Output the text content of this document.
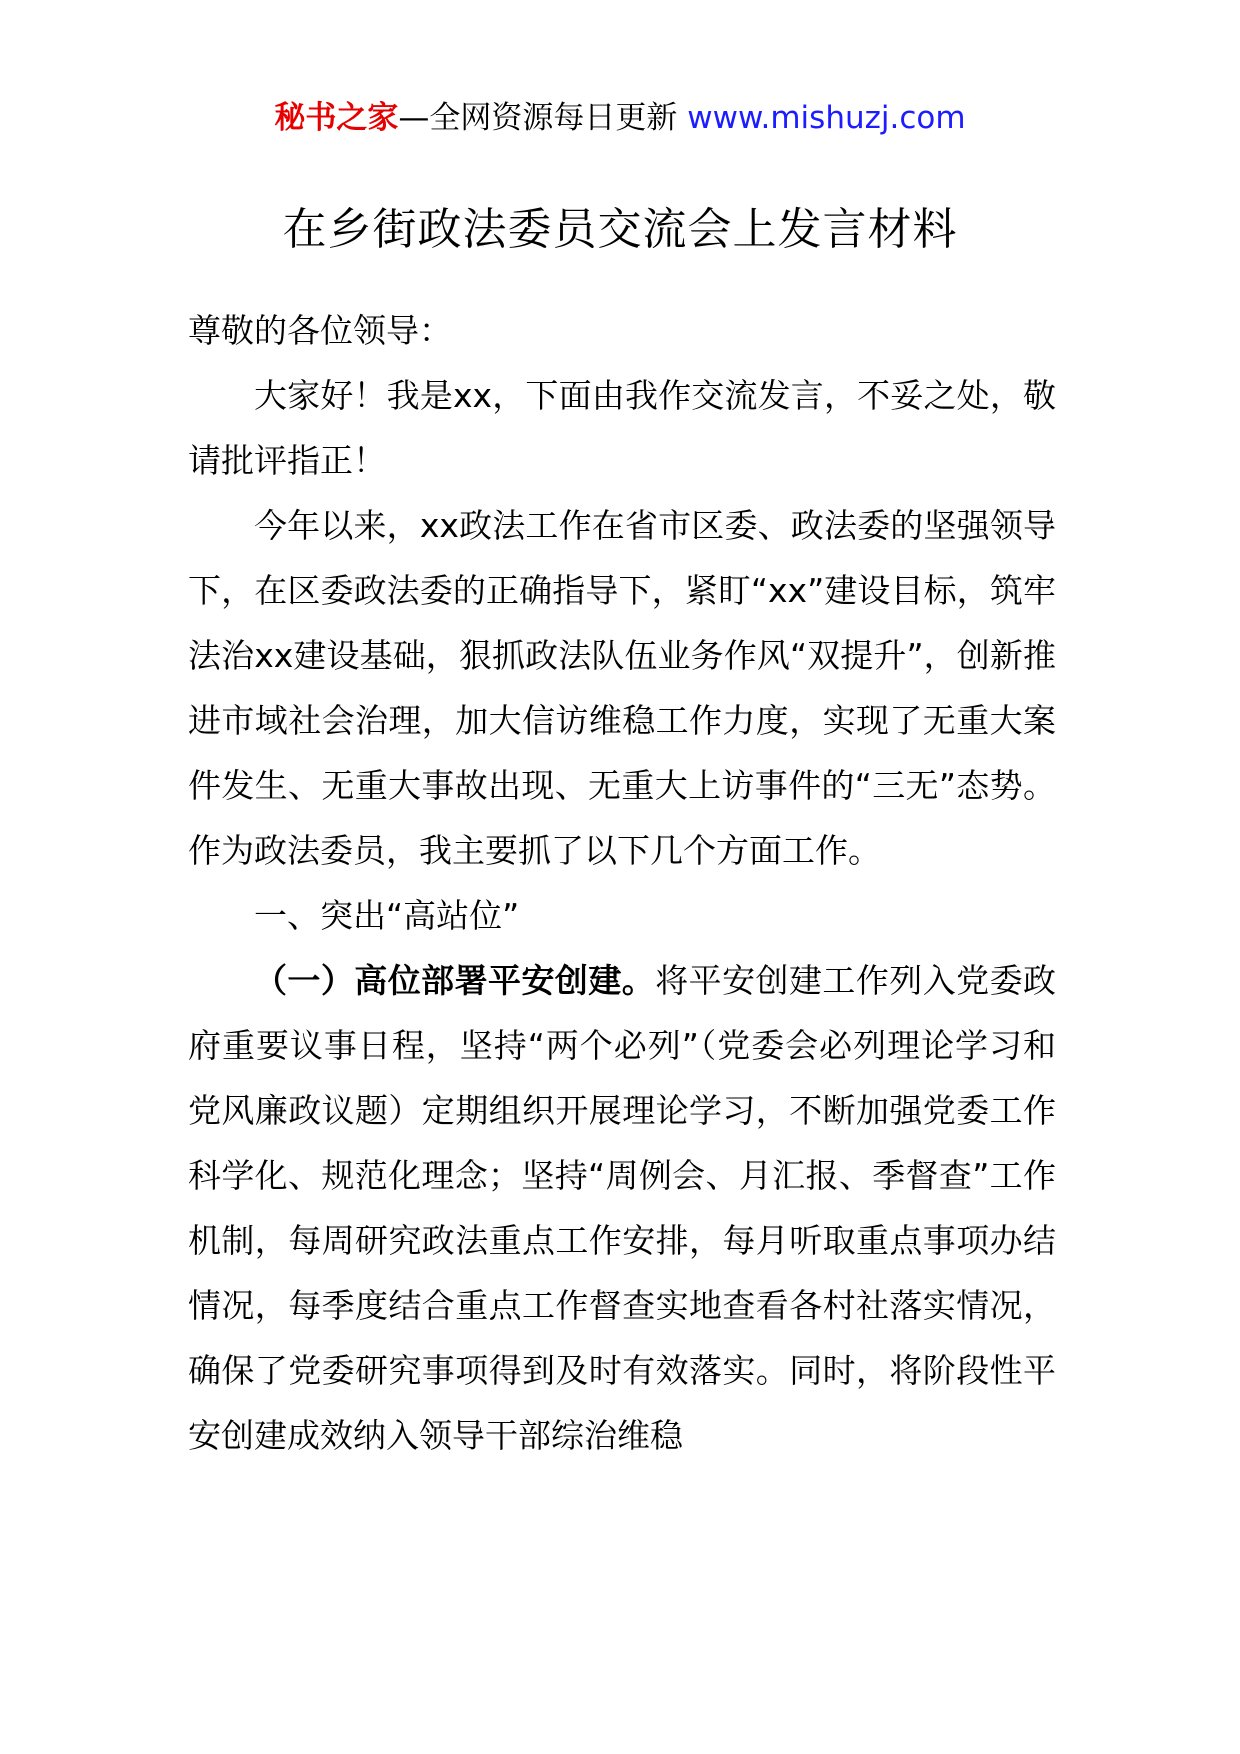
秘书之家—全网资源每日更新 www.mishuzj.com
在乡街政法委员交流会上发言材料

尊敬的各位领导：

大家好！我是xx，下面由我作交流发言，不妥之处，敬请批评指正！

今年以来，xx政法工作在省市区委、政法委的坚强领导下，在区委政法委的正确指导下，紧盯“xx”建设目标，筑牢法治xx建设基础，狠抓政法队伍业务作风“双提升”，创新推进市域社会治理，加大信访维稳工作力度，实现了无重大案件发生、无重大事故出现、无重大上访事件的“三无”态势。作为政法委员，我主要抓了以下几个方面工作。

一、突出“高站位”

（一）高位部署平安创建。将平安创建工作列入党委政府重要议事日程，坚持“两个必列”（党委会必列理论学习和党风廉政议题）定期组织开展理论学习，不断加强党委工作科学化、规范化理念；坚持“周例会、月汇报、季督查”工作机制，每周研究政法重点工作安排，每月听取重点事项办结情况，每季度结合重点工作督查实地查看各村社落实情况，确保了党委研究事项得到及时有效落实。同时，将阶段性平安创建成效纳入领导干部综治维稳
